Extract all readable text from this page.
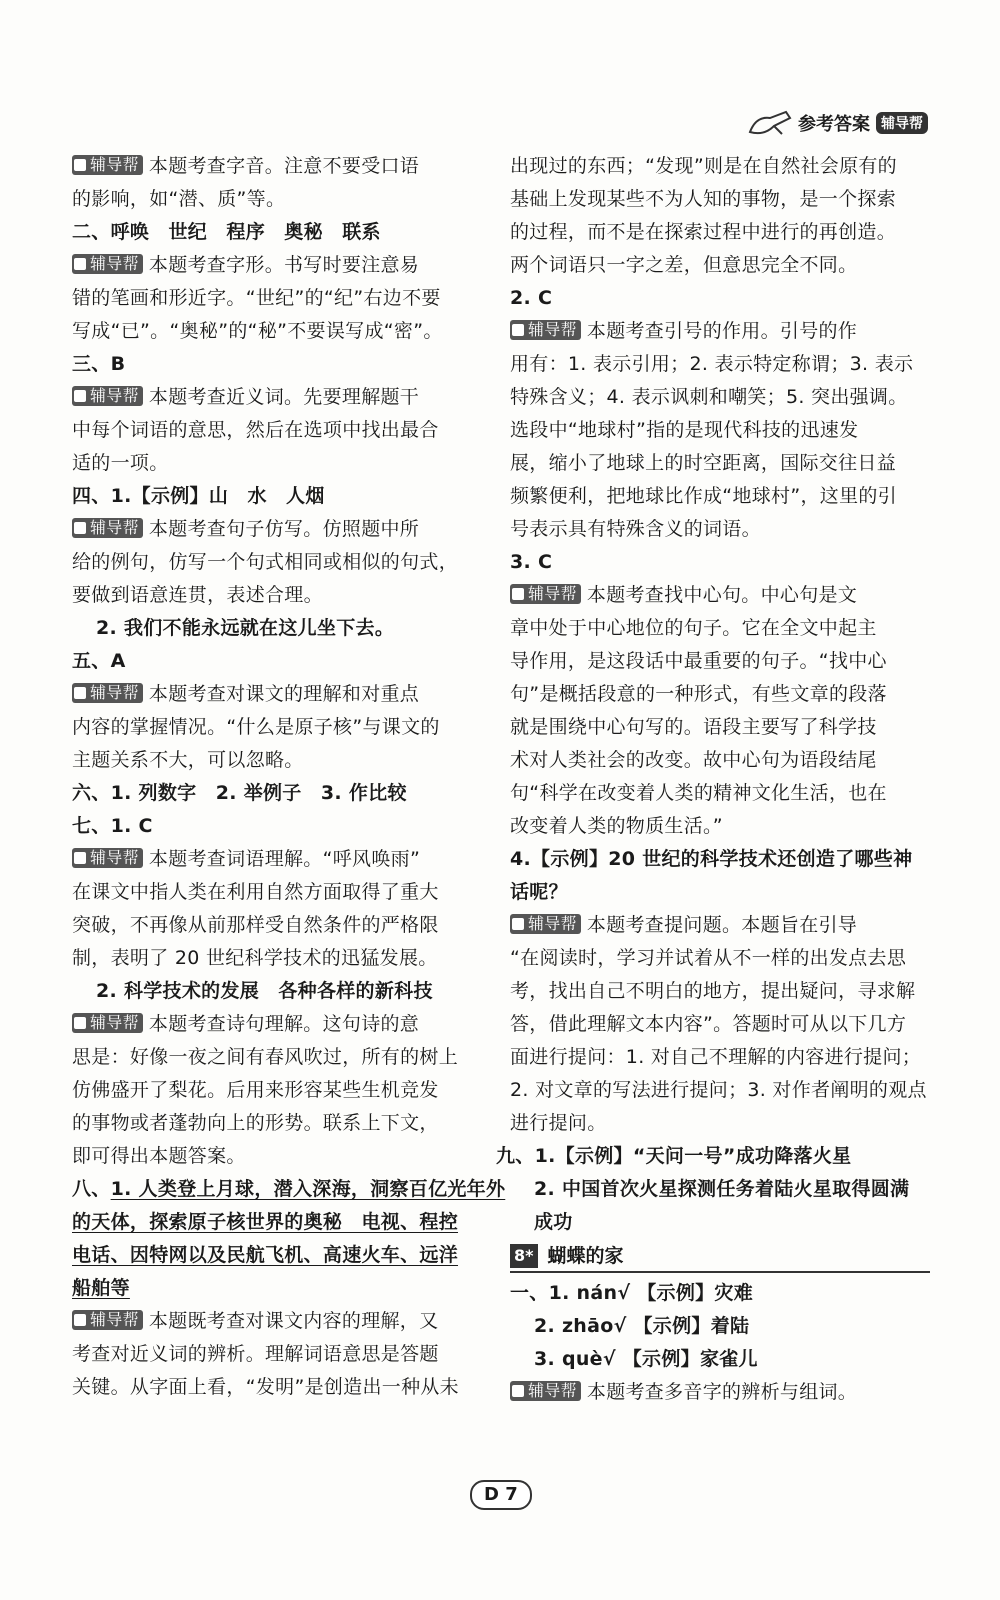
参考答案 辅导帮
辅导帮 本题考查字音。注意不要受口语
的影响，如“潜、质”等。
二、呼唤　世纪　程序　奥秘　联系
辅导帮 本题考查字形。书写时要注意易
错的笔画和形近字。“世纪”的“纪”右边不要
写成“已”。“奥秘”的“秘”不要误写成“密”。
三、B
辅导帮 本题考查近义词。先要理解题干
中每个词语的意思，然后在选项中找出最合
适的一项。
四、1.【示例】山　水　人烟
辅导帮 本题考查句子仿写。仿照题中所
给的例句，仿写一个句式相同或相似的句式，
要做到语意连贯，表述合理。
2. 我们不能永远就在这儿坐下去。
五、A
辅导帮 本题考查对课文的理解和对重点
内容的掌握情况。“什么是原子核”与课文的
主题关系不大，可以忽略。
六、1. 列数字　2. 举例子　3. 作比较
七、1. C
辅导帮 本题考查词语理解。“呼风唤雨”
在课文中指人类在利用自然方面取得了重大
突破，不再像从前那样受自然条件的严格限
制，表明了 20 世纪科学技术的迅猛发展。
2. 科学技术的发展　各种各样的新科技
辅导帮 本题考查诗句理解。这句诗的意
思是：好像一夜之间有春风吹过，所有的树上
仿佛盛开了梨花。后用来形容某些生机竞发
的事物或者蓬勃向上的形势。联系上下文，
即可得出本题答案。
八、1. 人类登上月球，潜入深海，洞察百亿光年外
的天体，探索原子核世界的奥秘　电视、程控
电话、因特网以及民航飞机、高速火车、远洋
船舶等
辅导帮 本题既考查对课文内容的理解，又
考查对近义词的辨析。理解词语意思是答题
关键。从字面上看，“发明”是创造出一种从未
出现过的东西；“发现”则是在自然社会原有的
基础上发现某些不为人知的事物，是一个探索
的过程，而不是在探索过程中进行的再创造。
两个词语只一字之差，但意思完全不同。
2. C
辅导帮 本题考查引号的作用。引号的作
用有：1. 表示引用；2. 表示特定称谓；3. 表示
特殊含义；4. 表示讽刺和嘲笑；5. 突出强调。
选段中“地球村”指的是现代科技的迅速发
展，缩小了地球上的时空距离，国际交往日益
频繁便利，把地球比作成“地球村”，这里的引
号表示具有特殊含义的词语。
3. C
辅导帮 本题考查找中心句。中心句是文
章中处于中心地位的句子。它在全文中起主
导作用，是这段话中最重要的句子。“找中心
句”是概括段意的一种形式，有些文章的段落
就是围绕中心句写的。语段主要写了科学技
术对人类社会的改变。故中心句为语段结尾
句“科学在改变着人类的精神文化生活，也在
改变着人类的物质生活。”
4.【示例】20 世纪的科学技术还创造了哪些神
话呢？
辅导帮 本题考查提问题。本题旨在引导
“在阅读时，学习并试着从不一样的出发点去思
考，找出自己不明白的地方，提出疑问，寻求解
答，借此理解文本内容”。答题时可从以下几方
面进行提问：1. 对自己不理解的内容进行提问；
2. 对文章的写法进行提问；3. 对作者阐明的观点
进行提问。
九、1.【示例】“天问一号”成功降落火星
2. 中国首次火星探测任务着陆火星取得圆满
成功
8* 蝴蝶的家
一、1. nán√ 【示例】灾难
2. zhāo√ 【示例】着陆
3. què√ 【示例】家雀儿
辅导帮 本题考查多音字的辨析与组词。
D 7
